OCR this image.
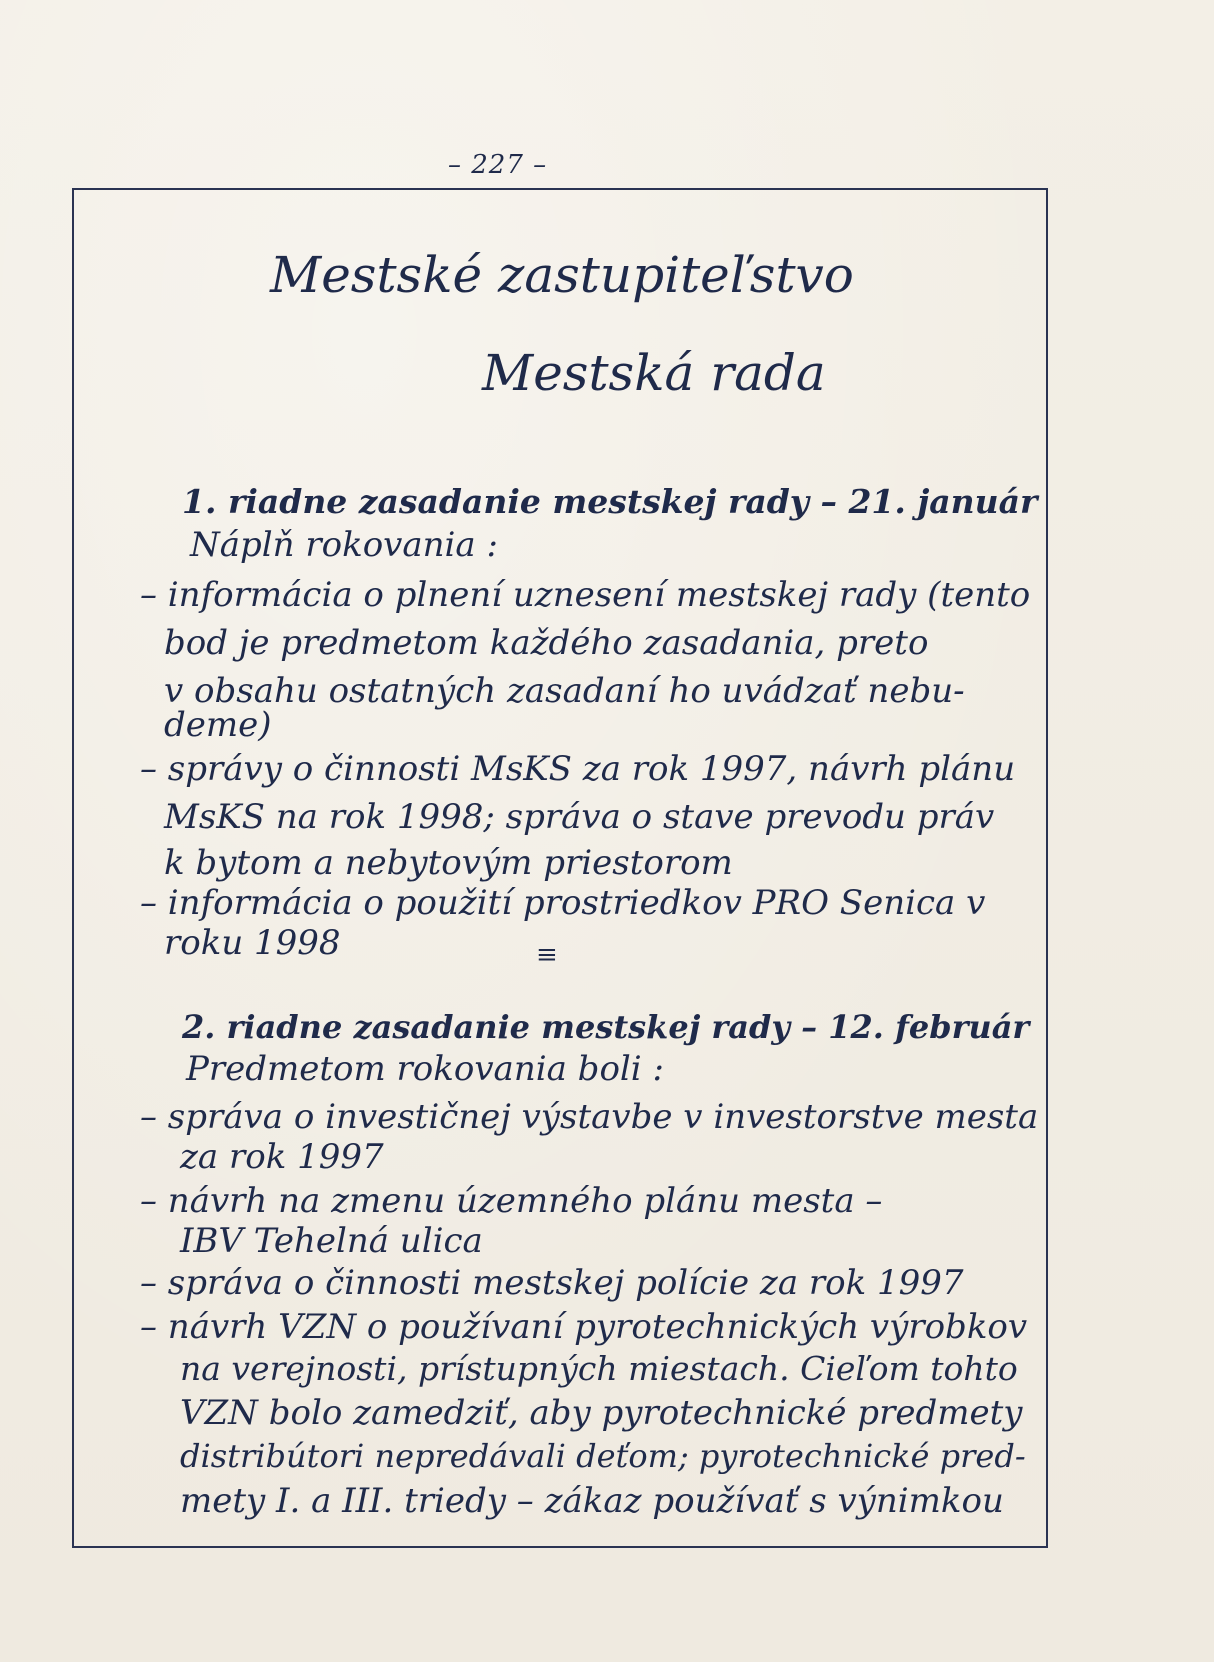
– 227 –
Mestské zastupiteľstvo
Mestská rada
1. riadne zasadanie mestskej rady – 21. január
Náplň rokovania :
– informácia o plnení uznesení mestskej rady (tento
bod je predmetom každého zasadania, preto
v obsahu ostatných zasadaní ho uvádzať nebu-
deme)
– správy o činnosti MsKS za rok 1997, návrh plánu
MsKS na rok 1998; správa o stave prevodu práv
k bytom a nebytovým priestorom
– informácia o použití prostriedkov PRO Senica v
roku 1998	≡
2. riadne zasadanie mestskej rady – 12. február
Predmetom rokovania boli :
– správa o investičnej výstavbe v investorstve mesta
za rok 1997
– návrh na zmenu územného plánu mesta –
IBV Tehelná ulica
– správa o činnosti mestskej polície za rok 1997
– návrh VZN o používaní pyrotechnických výrobkov
na verejnosti, prístupných miestach. Cieľom tohto
VZN bolo zamedziť, aby pyrotechnické predmety
distribútori nepredávali deťom; pyrotechnické pred-
mety I. a III. triedy – zákaz používať s výnimkou
